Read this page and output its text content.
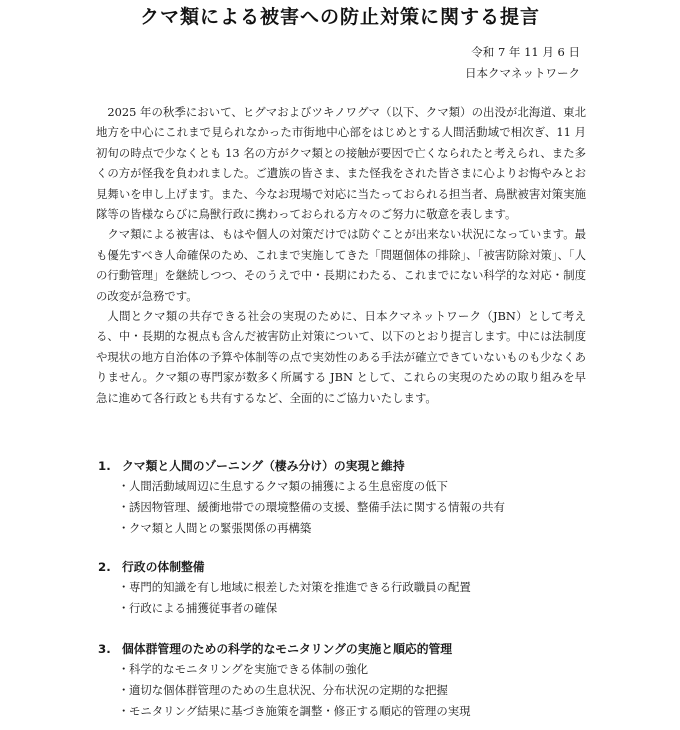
クマ類による被害への防止対策に関する提言
令和 7 年 11 月 6 日
日本クマネットワーク

2025 年の秋季において、ヒグマおよびツキノワグマ（以下、クマ類）の出没が北海道、東北地方を中心にこれまで見られなかった市街地中心部をはじめとする人間活動域で相次ぎ、11 月初旬の時点で少なくとも 13 名の方がクマ類との接触が要因で亡くなられたと考えられ、また多くの方が怪我を負われました。ご遺族の皆さま、また怪我をされた皆さまに心よりお悔やみとお見舞いを申し上げます。また、今なお現場で対応に当たっておられる担当者、鳥獣被害対策実施隊等の皆様ならびに鳥獣行政に携わっておられる方々のご努力に敬意を表します。

クマ類による被害は、もはや個人の対策だけでは防ぐことが出来ない状況になっています。最も優先すべき人命確保のため、これまで実施してきた「問題個体の排除」、「被害防除対策」、「人の行動管理」を継続しつつ、そのうえで中・長期にわたる、これまでにない科学的な対応・制度の改変が急務です。

人間とクマ類の共存できる社会の実現のために、日本クマネットワーク（JBN）として考える、中・長期的な視点も含んだ被害防止対策について、以下のとおり提言します。中には法制度や現状の地方自治体の予算や体制等の点で実効性のある手法が確立できていないものも少なくありません。クマ類の専門家が数多く所属する JBN として、これらの実現のための取り組みを早急に進めて各行政とも共有するなど、全面的にご協力いたします。

1. クマ類と人間のゾーニング（棲み分け）の実現と維持

・ 人間活動域周辺に生息するクマ類の捕獲による生息密度の低下
・ 誘因物管理、緩衝地帯での環境整備の支援、整備手法に関する情報の共有
・ クマ類と人間との緊張関係の再構築

2. 行政の体制整備

・ 専門的知識を有し地域に根差した対策を推進できる行政職員の配置
・ 行政による捕獲従事者の確保

3. 個体群管理のための科学的なモニタリングの実施と順応的管理

・ 科学的なモニタリングを実施できる体制の強化
・ 適切な個体群管理のための生息状況、分布状況の定期的な把握
・ モニタリング結果に基づき施策を調整・修正する順応的管理の実現
